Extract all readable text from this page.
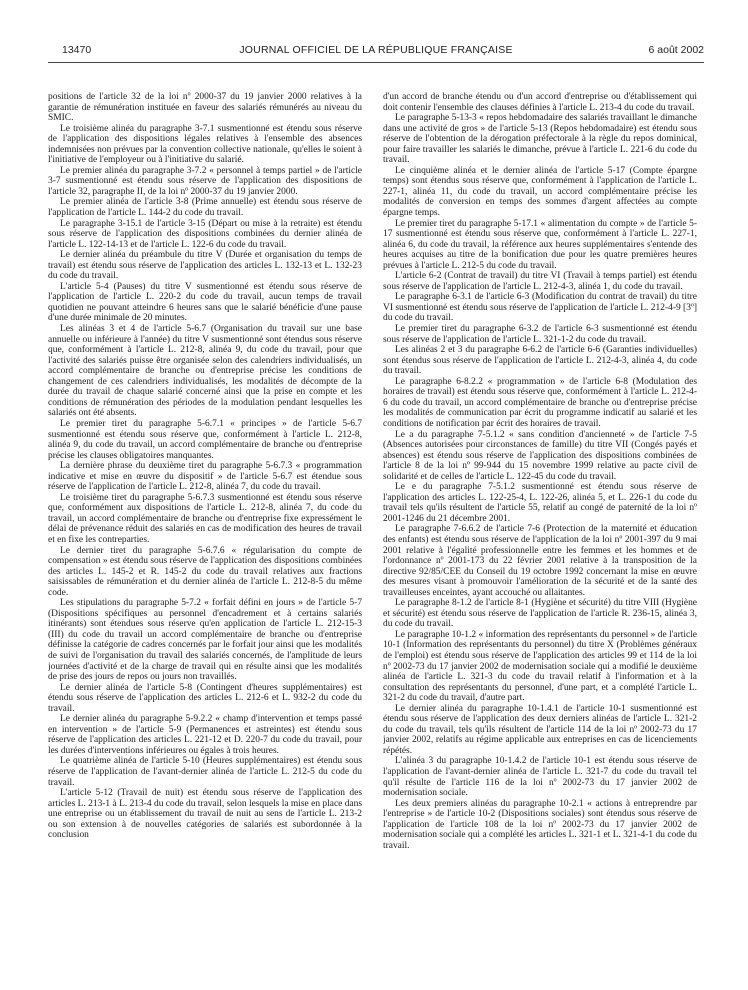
13470	JOURNAL OFFICIEL DE LA RÉPUBLIQUE FRANÇAISE	6 août 2002

positions de l'article 32 de la loi nº 2000-37 du 19 janvier 2000 relatives à la garantie de rémunération instituée en faveur des salariés rémunérés au niveau du SMIC.

Le troisième alinéa du paragraphe 3-7.1 susmentionné est étendu sous réserve de l'application des dispositions légales relatives à l'ensemble des absences indemnisées non prévues par la convention collective nationale, qu'elles le soient à l'initiative de l'employeur ou à l'initiative du salarié.

Le premier alinéa du paragraphe 3-7.2 « personnel à temps partiel » de l'article 3-7 susmentionné est étendu sous réserve de l'application des dispositions de l'article 32, paragraphe II, de la loi nº 2000-37 du 19 janvier 2000.

Le premier alinéa de l'article 3-8 (Prime annuelle) est étendu sous réserve de l'application de l'article L. 144-2 du code du travail.

Le paragraphe 3-15.1 de l'article 3-15 (Départ ou mise à la retraite) est étendu sous réserve de l'application des dispositions combinées du dernier alinéa de l'article L. 122-14-13 et de l'article L. 122-6 du code du travail.

Le dernier alinéa du préambule du titre V (Durée et organisation du temps de travail) est étendu sous réserve de l'application des articles L. 132-13 et L. 132-23 du code du travail.

L'article 5-4 (Pauses) du titre V susmentionné est étendu sous réserve de l'application de l'article L. 220-2 du code du travail, aucun temps de travail quotidien ne pouvant atteindre 6 heures sans que le salarié bénéficie d'une pause d'une durée minimale de 20 minutes.

Les alinéas 3 et 4 de l'article 5-6.7 (Organisation du travail sur une base annuelle ou inférieure à l'année) du titre V susmentionné sont étendus sous réserve que, conformément à l'article L. 212-8, alinéa 9, du code du travail, pour que l'activité des salariés puisse être organisée selon des calendriers individualisés, un accord complémentaire de branche ou d'entreprise précise les conditions de changement de ces calendriers individualisés, les modalités de décompte de la durée du travail de chaque salarié concerné ainsi que la prise en compte et les conditions de rémunération des périodes de la modulation pendant lesquelles les salariés ont été absents.

Le premier tiret du paragraphe 5-6.7.1 « principes » de l'article 5-6.7 susmentionné est étendu sous réserve que, conformément à l'article L. 212-8, alinéa 9, du code du travail, un accord complémentaire de branche ou d'entreprise précise les clauses obligatoires manquantes.

La dernière phrase du deuxième tiret du paragraphe 5-6.7.3 « programmation indicative et mise en œuvre du dispositif » de l'article 5-6.7 est étendue sous réserve de l'application de l'article L. 212-8, alinéa 7, du code du travail.

Le troisième tiret du paragraphe 5-6.7.3 susmentionné est étendu sous réserve que, conformément aux dispositions de l'article L. 212-8, alinéa 7, du code du travail, un accord complémentaire de branche ou d'entreprise fixe expressément le délai de prévenance réduit des salariés en cas de modification des heures de travail et en fixe les contreparties.

Le dernier tiret du paragraphe 5-6.7.6 « régularisation du compte de compensation » est étendu sous réserve de l'application des dispositions combinées des articles L. 145-2 et R. 145-2 du code du travail relatives aux fractions saisissables de rémunération et du dernier alinéa de l'article L. 212-8-5 du même code.

Les stipulations du paragraphe 5-7.2 « forfait défini en jours » de l'article 5-7 (Dispositions spécifiques au personnel d'encadrement et à certains salariés itinérants) sont étendues sous réserve qu'en application de l'article L. 212-15-3 (III) du code du travail un accord complémentaire de branche ou d'entreprise définisse la catégorie de cadres concernés par le forfait jour ainsi que les modalités de suivi de l'organisation du travail des salariés concernés, de l'amplitude de leurs journées d'activité et de la charge de travail qui en résulte ainsi que les modalités de prise des jours de repos ou jours non travaillés.

Le dernier alinéa de l'article 5-8 (Contingent d'heures supplémentaires) est étendu sous réserve de l'application des articles L. 212-6 et L. 932-2 du code du travail.

Le dernier alinéa du paragraphe 5-9.2.2 « champ d'intervention et temps passé en intervention » de l'article 5-9 (Permanences et astreintes) est étendu sous réserve de l'application des articles L. 221-12 et D. 220-7 du code du travail, pour les durées d'interventions inférieures ou égales à trois heures.

Le quatrième alinéa de l'article 5-10 (Heures supplémentaires) est étendu sous réserve de l'application de l'avant-dernier alinéa de l'article L. 212-5 du code du travail.

L'article 5-12 (Travail de nuit) est étendu sous réserve de l'application des articles L. 213-1 à L. 213-4 du code du travail, selon lesquels la mise en place dans une entreprise ou un établissement du travail de nuit au sens de l'article L. 213-2 ou son extension à de nouvelles catégories de salariés est subordonnée à la conclusion

d'un accord de branche étendu ou d'un accord d'entreprise ou d'établissement qui doit contenir l'ensemble des clauses définies à l'article L. 213-4 du code du travail.

Le paragraphe 5-13-3 « repos hebdomadaire des salariés travaillant le dimanche dans une activité de gros » de l'article 5-13 (Repos hebdomadaire) est étendu sous réserve de l'obtention de la dérogation préfectorale à la règle du repos dominical, pour faire travailler les salariés le dimanche, prévue à l'article L. 221-6 du code du travail.

Le cinquième alinéa et le dernier alinéa de l'article 5-17 (Compte épargne temps) sont étendus sous réserve que, conformément à l'application de l'article L. 227-1, alinéa 11, du code du travail, un accord complémentaire précise les modalités de conversion en temps des sommes d'argent affectées au compte épargne temps.

Le premier tiret du paragraphe 5-17.1 « alimentation du compte » de l'article 5-17 susmentionné est étendu sous réserve que, conformément à l'article L. 227-1, alinéa 6, du code du travail, la référence aux heures supplémentaires s'entende des heures acquises au titre de la bonification due pour les quatre premières heures prévues à l'article L. 212-5 du code du travail.

L'article 6-2 (Contrat de travail) du titre VI (Travail à temps partiel) est étendu sous réserve de l'application de l'article L. 212-4-3, alinéa 1, du code du travail.

Le paragraphe 6-3.1 de l'article 6-3 (Modification du contrat de travail) du titre VI susmentionné est étendu sous réserve de l'application de l'article L. 212-4-9 [3º] du code du travail.

Le premier tiret du paragraphe 6-3.2 de l'article 6-3 susmentionné est étendu sous réserve de l'application de l'article L. 321-1-2 du code du travail.

Les alinéas 2 et 3 du paragraphe 6-6.2 de l'article 6-6 (Garanties individuelles) sont étendus sous réserve de l'application de l'article L. 212-4-3, alinéa 4, du code du travail.

Le paragraphe 6-8.2.2 « programmation » de l'article 6-8 (Modulation des horaires de travail) est étendu sous réserve que, conformément à l'article L. 212-4-6 du code du travail, un accord complémentaire de branche ou d'entreprise précise les modalités de communication par écrit du programme indicatif au salarié et les conditions de notification par écrit des horaires de travail.

Le a du paragraphe 7-5.1.2 « sans condition d'ancienneté » de l'article 7-5 (Absences autorisées pour circonstances de famille) du titre VII (Congés payés et absences) est étendu sous réserve de l'application des dispositions combinées de l'article 8 de la loi nº 99-944 du 15 novembre 1999 relative au pacte civil de solidarité et de celles de l'article L. 122-45 du code du travail.

Le e du paragraphe 7-5.1.2 susmentionné est étendu sous réserve de l'application des articles L. 122-25-4, L. 122-26, alinéa 5, et L. 226-1 du code du travail tels qu'ils résultent de l'article 55, relatif au congé de paternité de la loi nº 2001-1246 du 21 décembre 2001.

Le paragraphe 7-6.6.2 de l'article 7-6 (Protection de la maternité et éducation des enfants) est étendu sous réserve de l'application de la loi nº 2001-397 du 9 mai 2001 relative à l'égalité professionnelle entre les femmes et les hommes et de l'ordonnance nº 2001-173 du 22 février 2001 relative à la transposition de la directive 92/85/CEE du Conseil du 19 octobre 1992 concernant la mise en œuvre des mesures visant à promouvoir l'amélioration de la sécurité et de la santé des travailleuses enceintes, ayant accouché ou allaitantes.

Le paragraphe 8-1.2 de l'article 8-1 (Hygiène et sécurité) du titre VIII (Hygiène et sécurité) est étendu sous réserve de l'application de l'article R. 236-15, alinéa 3, du code du travail.

Le paragraphe 10-1.2 « information des représentants du personnel » de l'article 10-1 (Information des représentants du personnel) du titre X (Problèmes généraux de l'emploi) est étendu sous réserve de l'application des articles 99 et 114 de la loi nº 2002-73 du 17 janvier 2002 de modernisation sociale qui a modifié le deuxième alinéa de l'article L. 321-3 du code du travail relatif à l'information et à la consultation des représentants du personnel, d'une part, et a complété l'article L. 321-2 du code du travail, d'autre part.

Le dernier alinéa du paragraphe 10-1.4.1 de l'article 10-1 susmentionné est étendu sous réserve de l'application des deux derniers alinéas de l'article L. 321-2 du code du travail, tels qu'ils résultent de l'article 114 de la loi nº 2002-73 du 17 janvier 2002, relatifs au régime applicable aux entreprises en cas de licenciements répétés.

L'alinéa 3 du paragraphe 10-1.4.2 de l'article 10-1 est étendu sous réserve de l'application de l'avant-dernier alinéa de l'article L. 321-7 du code du travail tel qu'il résulte de l'article 116 de la loi nº 2002-73 du 17 janvier 2002 de modernisation sociale.

Les deux premiers alinéas du paragraphe 10-2.1 « actions à entreprendre par l'entreprise » de l'article 10-2 (Dispositions sociales) sont étendus sous réserve de l'application de l'article 108 de la loi nº 2002-73 du 17 janvier 2002 de modernisation sociale qui a complété les articles L. 321-1 et L. 321-4-1 du code du travail.
